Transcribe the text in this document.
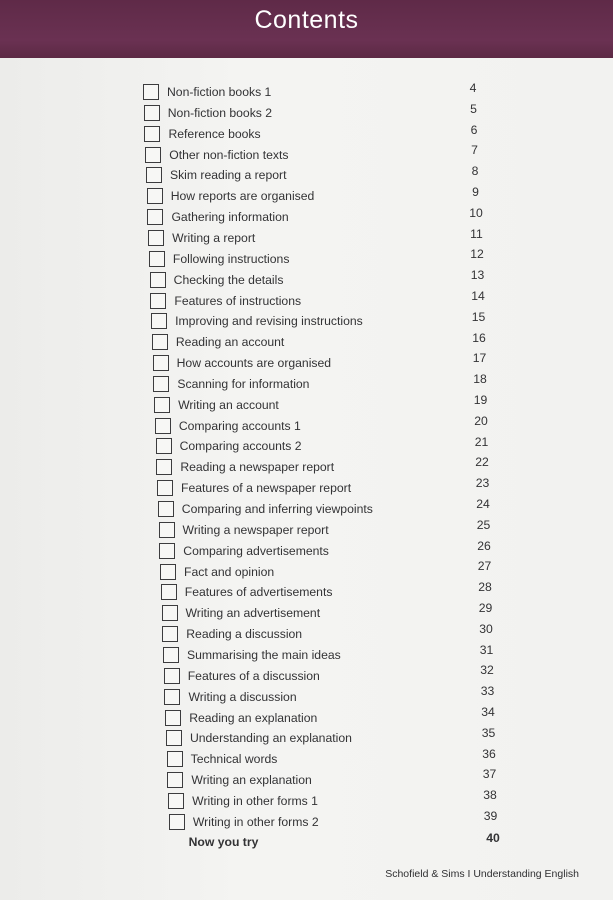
Contents
Non-fiction books 1	4
Non-fiction books 2	5
Reference books	6
Other non-fiction texts	7
Skim reading a report	8
How reports are organised	9
Gathering information	10
Writing a report	11
Following instructions	12
Checking the details	13
Features of instructions	14
Improving and revising instructions	15
Reading an account	16
How accounts are organised	17
Scanning for information	18
Writing an account	19
Comparing accounts 1	20
Comparing accounts 2	21
Reading a newspaper report	22
Features of a newspaper report	23
Comparing and inferring viewpoints	24
Writing a newspaper report	25
Comparing advertisements	26
Fact and opinion	27
Features of advertisements	28
Writing an advertisement	29
Reading a discussion	30
Summarising the main ideas	31
Features of a discussion	32
Writing a discussion	33
Reading an explanation	34
Understanding an explanation	35
Technical words	36
Writing an explanation	37
Writing in other forms 1	38
Writing in other forms 2	39
Now you try	40
Schofield & Sims I Understanding English
